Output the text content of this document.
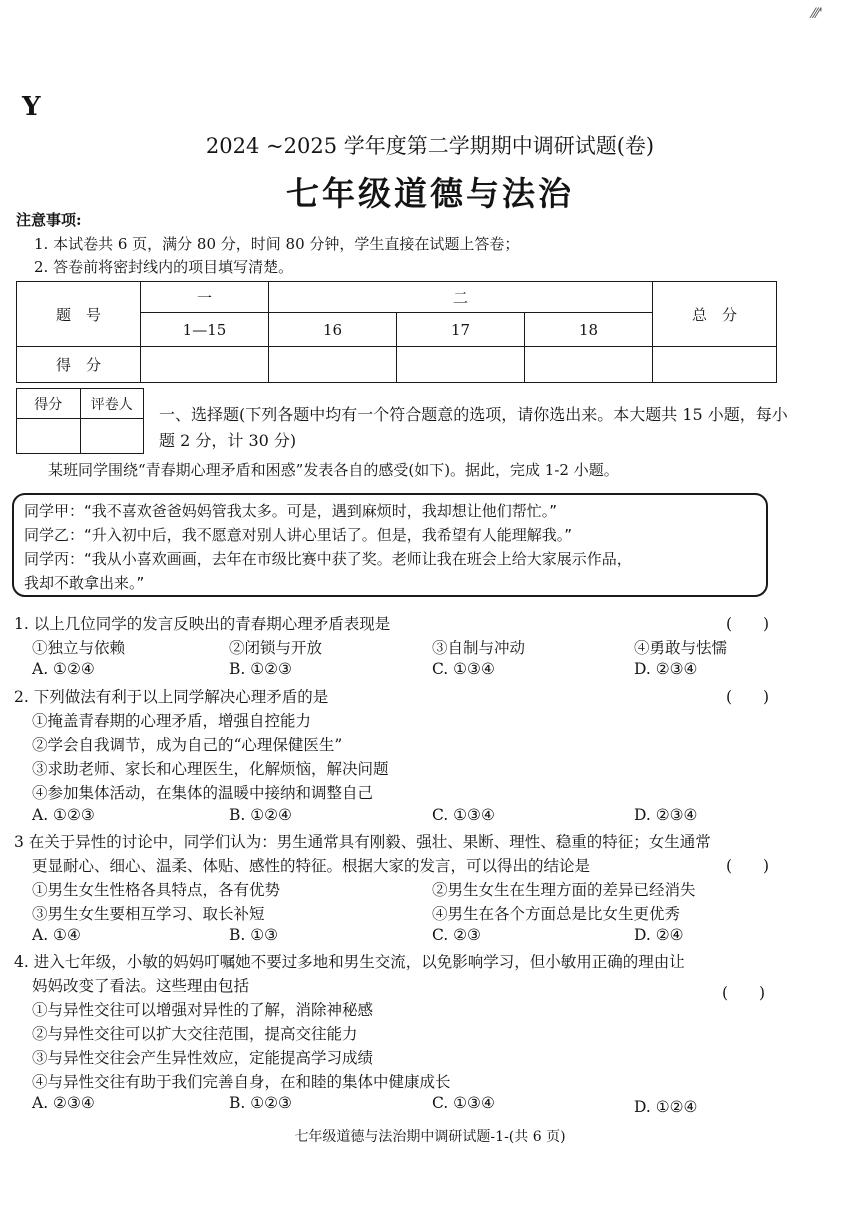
⁄⁄⁄'
Y
2024 ~2025 学年度第二学期期中调研试题(卷)
七年级道德与法治
注意事项:
1. 本试卷共 6 页，满分 80 分，时间 80 分钟，学生直接在试题上答卷；
2. 答卷前将密封线内的项目填写清楚。
题　号	一	二			总　分
	1—15	16	17	18	
得　分					
得分	评卷人

一、选择题(下列各题中均有一个符合题意的选项，请你选出来。本大题共 15 小题，每小题 2 分，计 30 分)
某班同学围绕“青春期心理矛盾和困惑”发表各自的感受(如下)。据此，完成 1-2 小题。

同学甲：“我不喜欢爸爸妈妈管我太多。可是，遇到麻烦时，我却想让他们帮忙。”

同学乙：“升入初中后，我不愿意对别人讲心里话了。但是，我希望有人能理解我。”

同学丙：“我从小喜欢画画，去年在市级比赛中获了奖。老师让我在班会上给大家展示作品，

我却不敢拿出来。”

1. 以上几位同学的发言反映出的青春期心理矛盾表现是	(　　)
①独立与依赖	②闭锁与开放	③自制与冲动	④勇敢与怯懦
A. ①②④	B. ①②③	C. ①③④	D. ②③④
2. 下列做法有利于以上同学解决心理矛盾的是	(　　)
①掩盖青春期的心理矛盾，增强自控能力
②学会自我调节，成为自己的“心理保健医生”
③求助老师、家长和心理医生，化解烦恼，解决问题
④参加集体活动，在集体的温暖中接纳和调整自己
A. ①②③	B. ①②④	C. ①③④	D. ②③④
3 在关于异性的讨论中，同学们认为：男生通常具有刚毅、强壮、果断、理性、稳重的特征；女生通常
更显耐心、细心、温柔、体贴、感性的特征。根据大家的发言，可以得出的结论是	(　　)
①男生女生性格各具特点，各有优势	②男生女生在生理方面的差异已经消失
③男生女生要相互学习、取长补短	④男生在各个方面总是比女生更优秀
A. ①④	B. ①③	C. ②③	D. ②④
4. 进入七年级，小敏的妈妈叮嘱她不要过多地和男生交流，以免影响学习，但小敏用正确的理由让
妈妈改变了看法。这些理由包括	(　　)
①与异性交往可以增强对异性的了解，消除神秘感
②与异性交往可以扩大交往范围，提高交往能力
③与异性交往会产生异性效应，定能提高学习成绩
④与异性交往有助于我们完善自身，在和睦的集体中健康成长
A. ②③④	B. ①②③	C. ①③④	D. ①②④
七年级道德与法治期中调研试题-1-(共 6 页)
